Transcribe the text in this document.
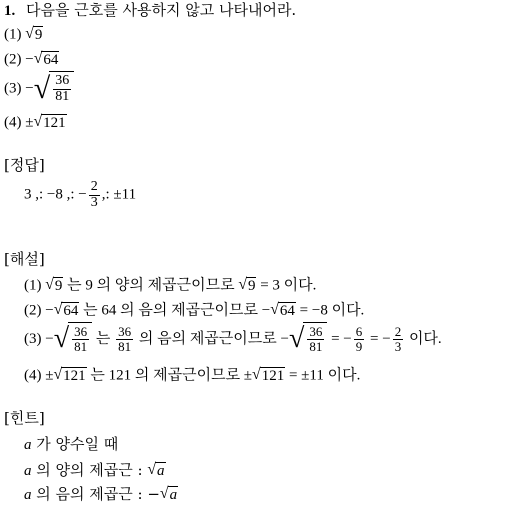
1. 다음을 근호를 사용하지 않고 나타내어라.
(1) √ 9
(2) − √ 64
(3) − √ $\frac{36}{81}$
(4) ± √ 121
[정답]
3 ,: −8 ,: − $\frac{2}{3}$ ,: ±11
[해설]
(1) √ 9 는 9 의 양의 제곱근이므로 √ 9 = 3 이다.
(2) − √ 64 는 64 의 음의 제곱근이므로 − √ 64 = −8 이다.
(3)
− √ $\frac{36}{81}$
는
$\frac{36}{81}$
의 음의 제곱근이므로 − √ $\frac{36}{81}$
= − $\frac{6}{9}$
= − $\frac{2}{3}$
이다.
(4) ± √ 121 는 121 의 제곱근이므로 ± √ 121 = ±11 이다.
[힌트]
a 가 양수일 때
a 의 양의 제곱근 : √ a
a 의 음의 제곱근 : − √ a
